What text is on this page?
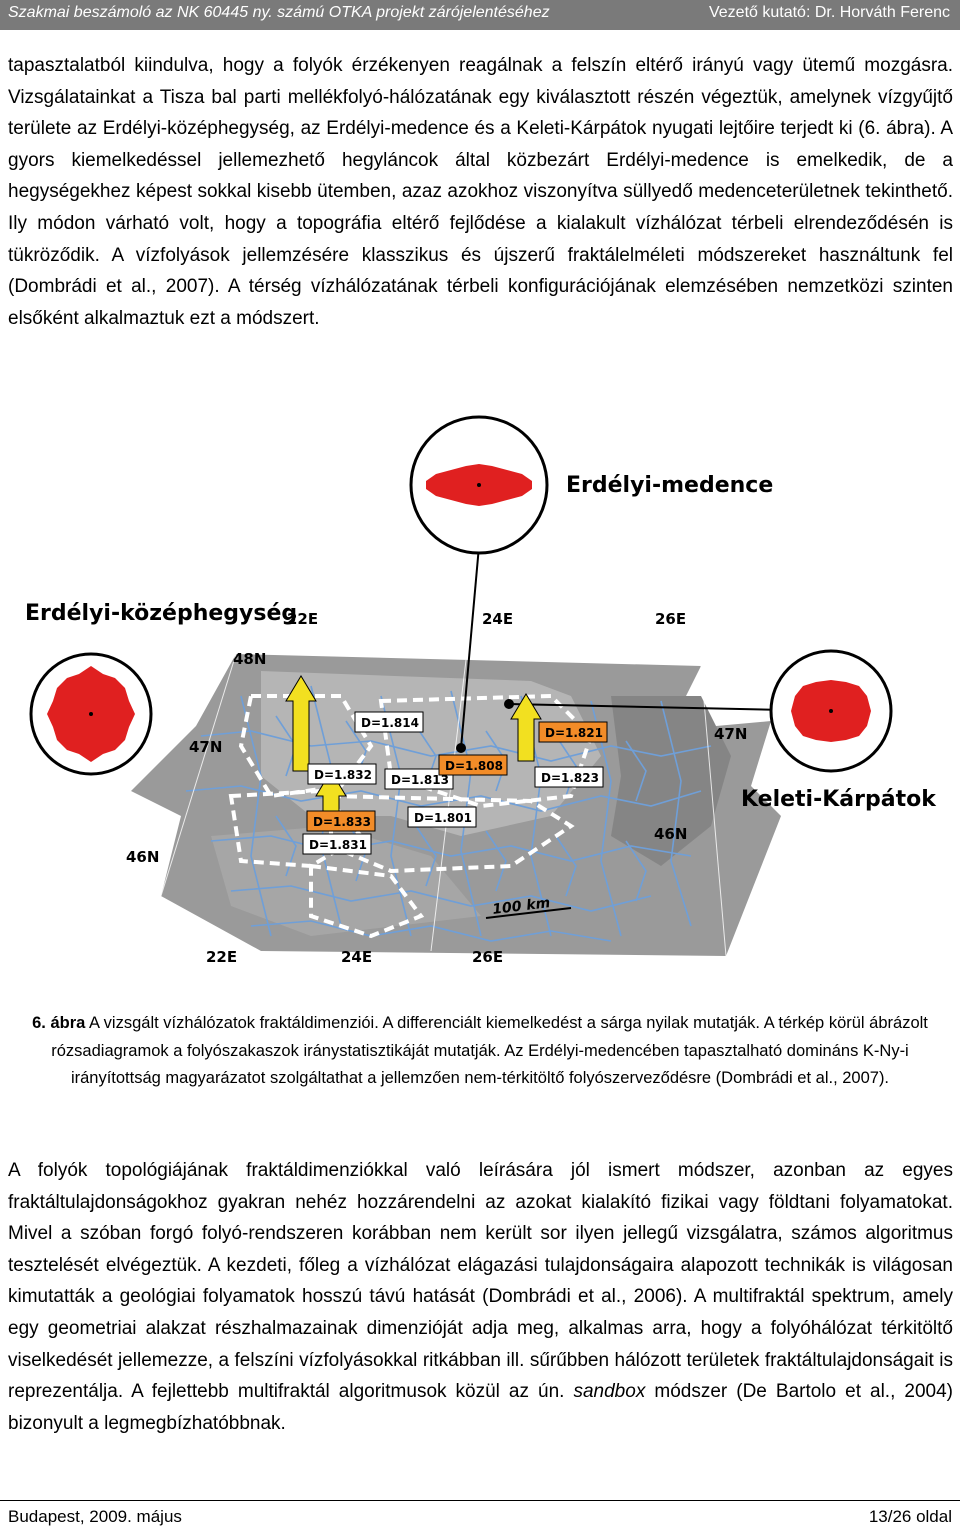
Szakmai beszámoló az NK 60445 ny. számú OTKA projekt zárójelentéséhez	Vezető kutató: Dr. Horváth Ferenc

tapasztalatból kiindulva, hogy a folyók érzékenyen reagálnak a felszín eltérő irányú vagy ütemű mozgásra. Vizsgálatainkat a Tisza bal parti mellékfolyó-hálózatának egy kiválasztott részén végeztük, amelynek vízgyűjtő területe az Erdélyi-középhegység, az Erdélyi-medence és a Keleti-Kárpátok nyugati lejtőire terjedt ki (6. ábra). A gyors kiemelkedéssel jellemezhető hegyláncok által közbezárt Erdélyi-medence is emelkedik, de a hegységekhez képest sokkal kisebb ütemben, azaz azokhoz viszonyítva süllyedő medenceterületnek tekinthető. Ily módon várható volt, hogy a topográfia eltérő fejlődése a kialakult vízhálózat térbeli elrendeződésén is tükröződik. A vízfolyások jellemzésére klasszikus és újszerű fraktálelméleti módszereket használtunk fel (Dombrádi et al., 2007). A térség vízhálózatának térbeli konfigurációjának elemzésében nemzetközi szinten elsőként alkalmaztuk ezt a módszert.

D=1.814
D=1.821
D=1.832 D=1.813
D=1.808
D=1.823
D=1.833	D=1.801
D=1.831
Erdélyi-medence
Erdélyi-középhegység
Keleti-Kárpátok
48N
47N
47N
46N
46N
22E	24E	26E
22E	24E	26E
100 km

6. ábra A vizsgált vízhálózatok fraktáldimenziói. A differenciált kiemelkedést a sárga nyilak mutatják. A térkép körül ábrázolt rózsadiagramok a folyószakaszok iránystatisztikáját mutatják. Az Erdélyi-medencében tapasztalható domináns K-Ny-i irányítottság magyarázatot szolgáltathat a jellemzően nem-térkitöltő folyószerveződésre (Dombrádi et al., 2007).

A folyók topológiájának fraktáldimenziókkal való leírására jól ismert módszer, azonban az egyes fraktáltulajdonságokhoz gyakran nehéz hozzárendelni az azokat kialakító fizikai vagy földtani folyamatokat. Mivel a szóban forgó folyó-rendszeren korábban nem került sor ilyen jellegű vizsgálatra, számos algoritmus tesztelését elvégeztük. A kezdeti, főleg a vízhálózat elágazási tulajdonságaira alapozott technikák is világosan kimutatták a geológiai folyamatok hosszú távú hatását (Dombrádi et al., 2006). A multifraktál spektrum, amely egy geometriai alakzat részhalmazainak dimenzióját adja meg, alkalmas arra, hogy a folyóhálózat térkitöltő viselkedését jellemezze, a felszíni vízfolyásokkal ritkábban ill. sűrűbben hálózott területek fraktáltulajdonságait is reprezentálja. A fejlettebb multifraktál algoritmusok közül az ún. sandbox módszer (De Bartolo et al., 2004) bizonyult a legmegbízhatóbbnak.

Budapest, 2009. május	13/26 oldal
